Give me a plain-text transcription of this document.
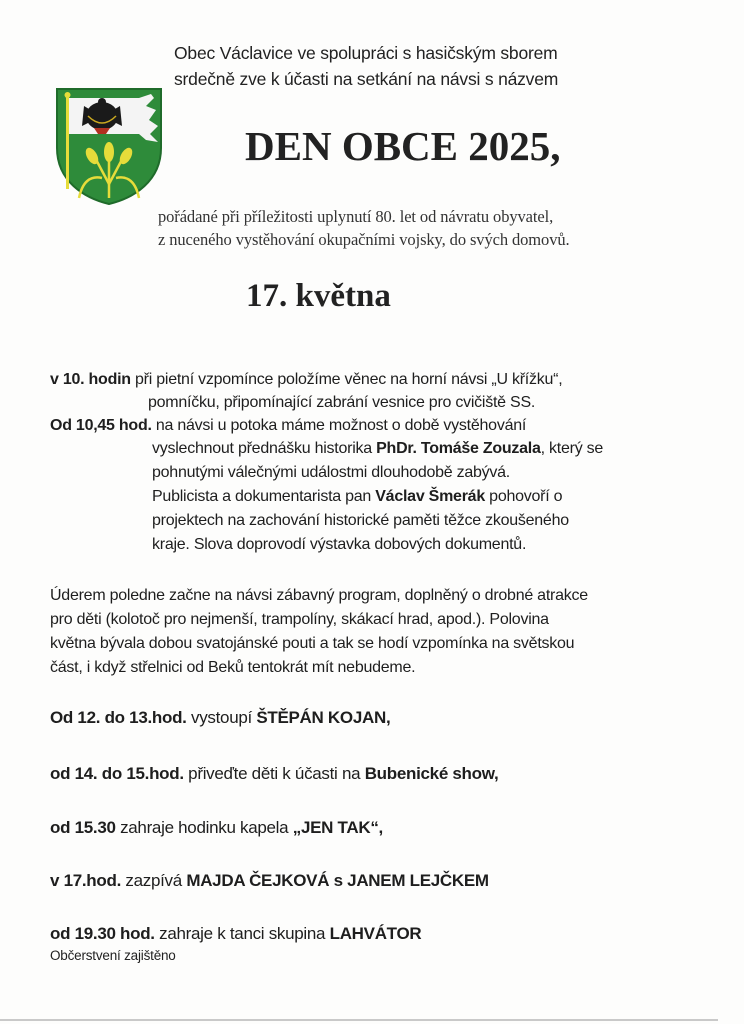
Obec Václavice ve spolupráci s hasičským sborem
srdečně zve k účasti na setkání na návsi s názvem
DEN OBCE 2025,
pořádané při příležitosti uplynutí 80. let od návratu obyvatel,
z nuceného vystěhování okupačními vojsky, do svých domovů.
17. května
v 10. hodin při pietní vzpomínce položíme věnec na horní návsi „U křížku“,
pomníčku, připomínající zabrání vesnice pro cvičiště SS.
Od 10,45 hod. na návsi u potoka máme možnost o době vystěhování
vyslechnout přednášku historika PhDr. Tomáše Zouzala, který se
pohnutými válečnými událostmi dlouhodobě zabývá.
Publicista a dokumentarista pan Václav Šmerák pohovoří o
projektech na zachování historické paměti těžce zkoušeného
kraje. Slova doprovodí výstavka dobových dokumentů.
Úderem poledne začne na návsi zábavný program, doplněný o drobné atrakce
pro děti (kolotoč pro nejmenší, trampolíny, skákací hrad, apod.). Polovina
května bývala dobou svatojánské pouti a tak se hodí vzpomínka na světskou
část, i když střelnici od Beků tentokrát mít nebudeme.
Od 12. do 13.hod. vystoupí ŠTĚPÁN KOJAN,
od 14. do 15.hod. přiveďte děti k účasti na Bubenické show,
od 15.30 zahraje hodinku kapela „JEN TAK“,
v 17.hod. zazpívá MAJDA ČEJKOVÁ s JANEM LEJČKEM
od 19.30 hod. zahraje k tanci skupina LAHVÁTOR
Občerstvení zajištěno
